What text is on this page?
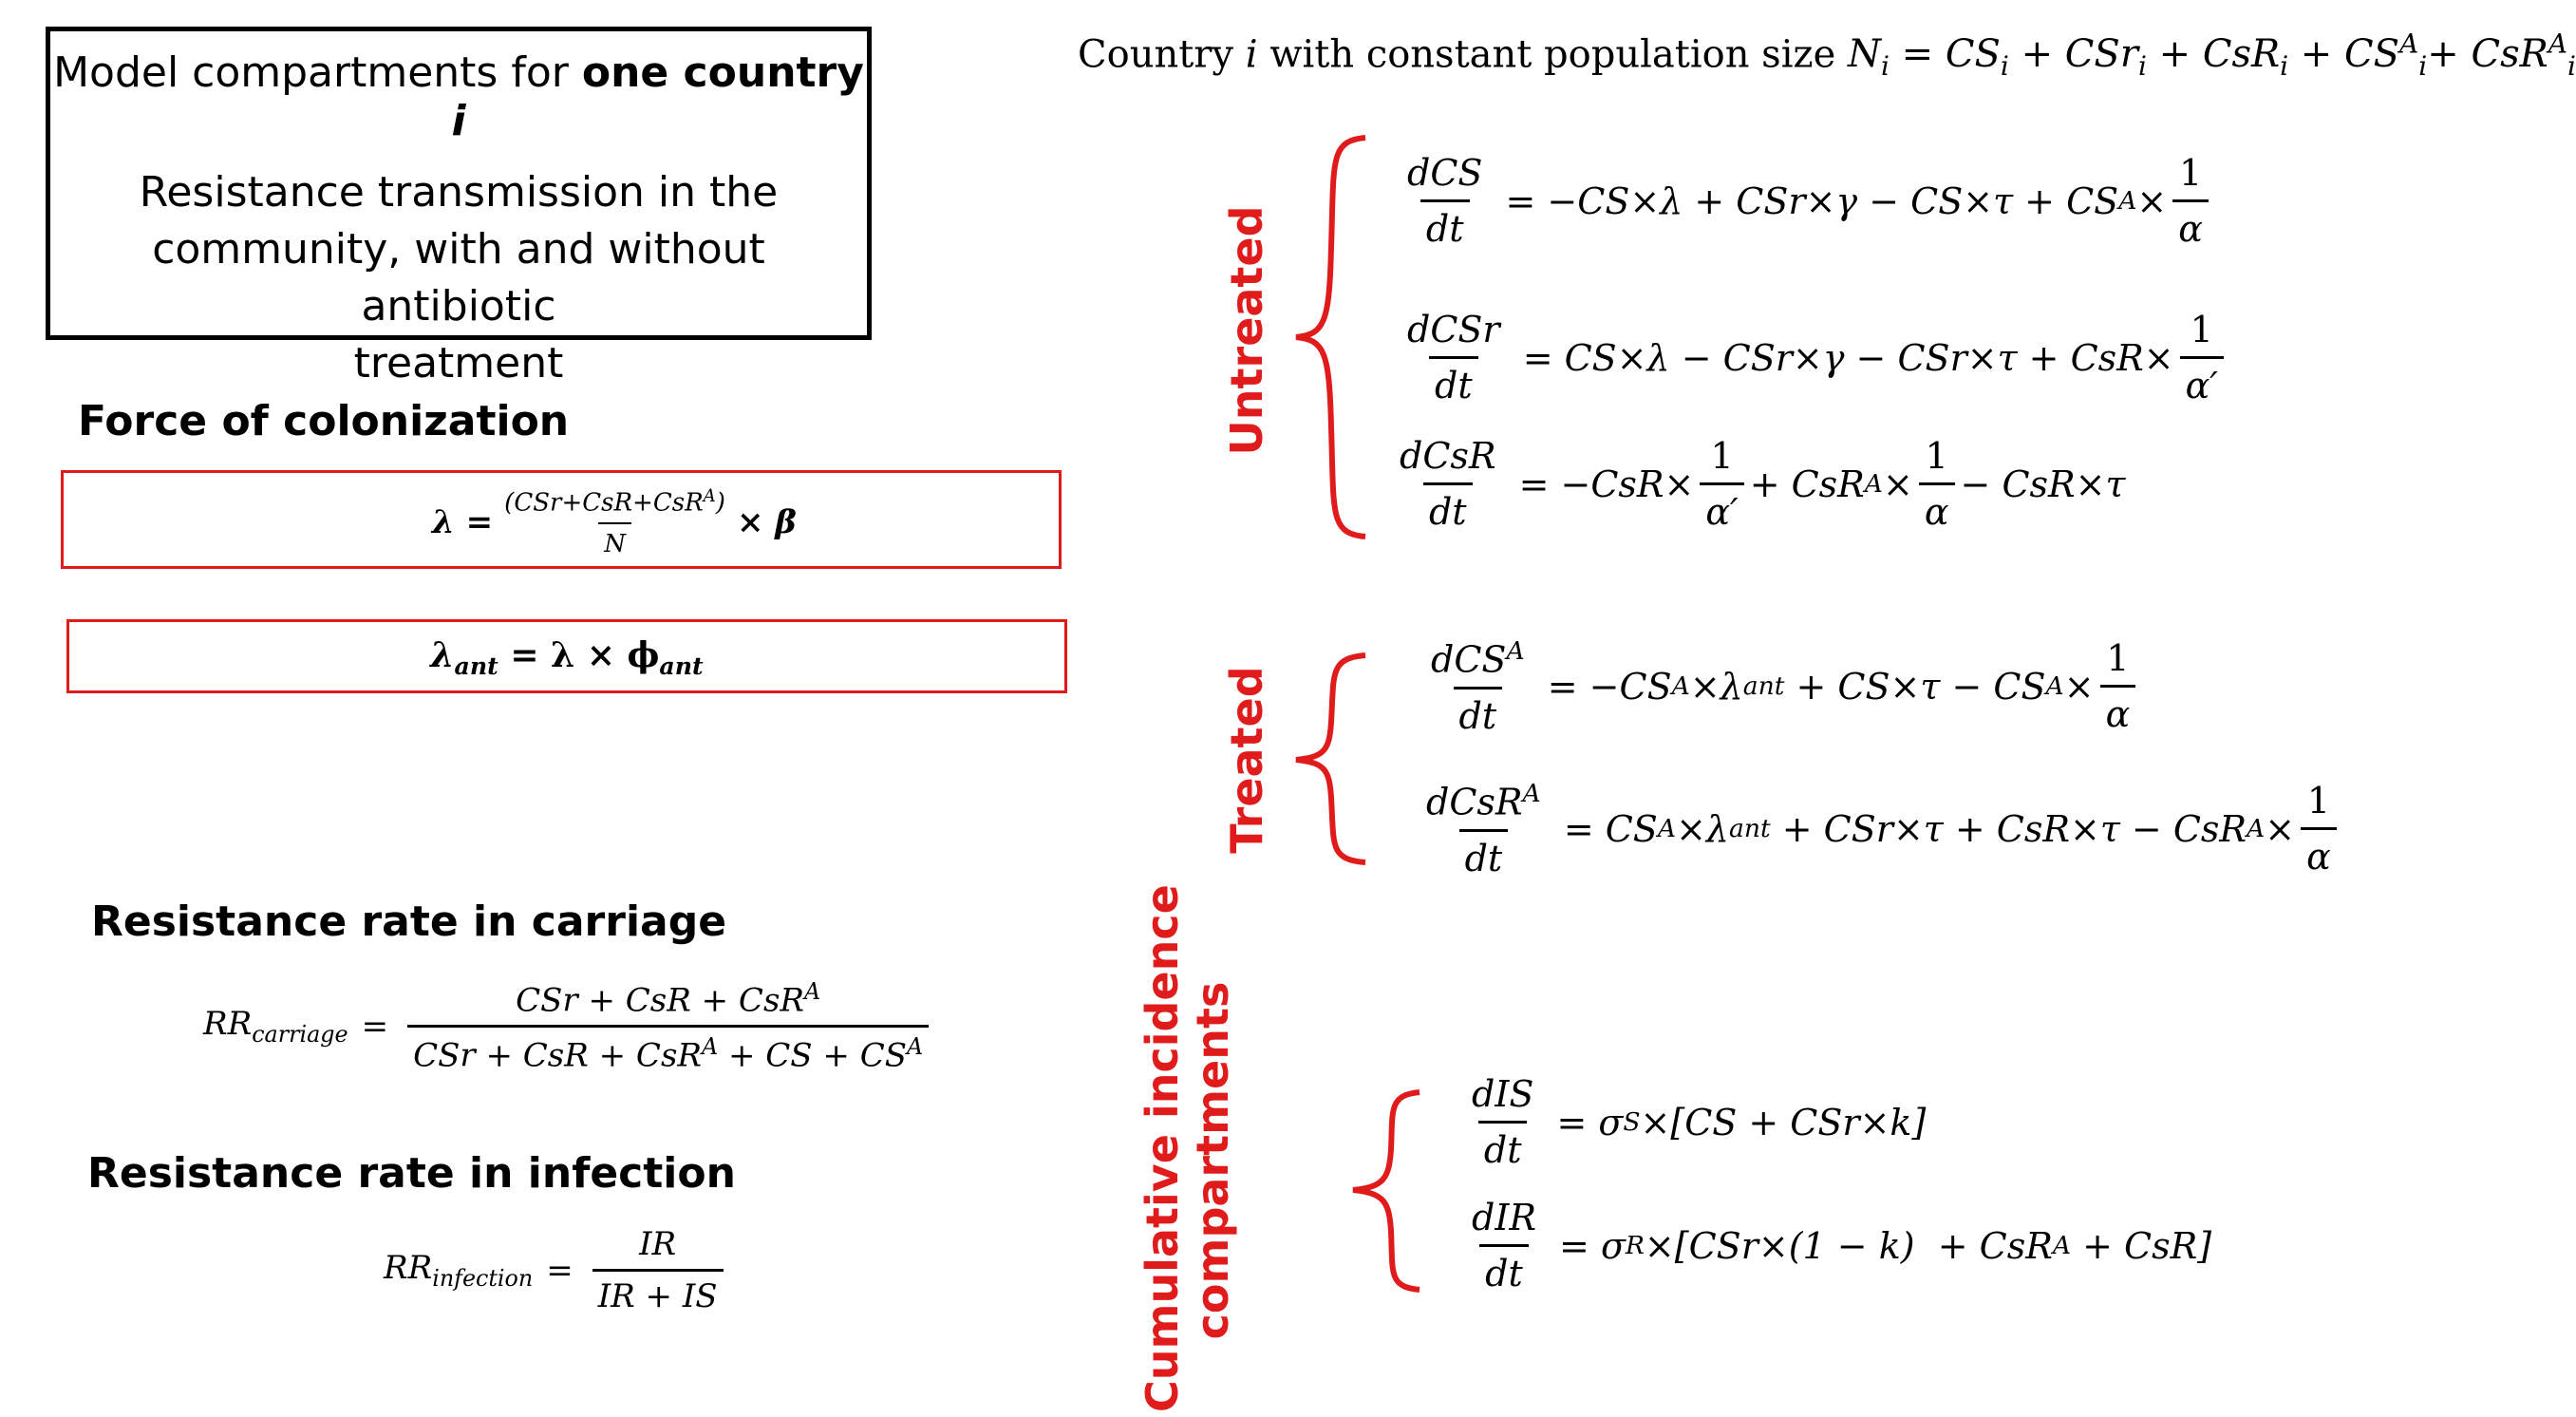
Model compartments for one country i
Resistance transmission in the
community, with and without antibiotic
treatment
Force of colonization
$\lambda = \frac{(CSr+CsR+CsR^A)}{N} \times \beta$
$\lambda_{ant} = \lambda \times \phi_{ant}$
Resistance rate in carriage
$RR_{carriage} = \frac{CSr + CsR + CsR^A}{CSr + CsR + CsR^A + CS + CS^A}$
Resistance rate in infection
$RR_{infection} = \frac{IR}{IR + IS}$
Country i with constant population size $N_i = CS_i + CSr_i + CsR_i + CS^A_i+ CsR^A_i$
Untreated
Treated
Cumulative incidence
compartments
$\frac{\text{dCS}}{dt} = -CS\times\lambda + CSr\times\gamma - CS\times\tau$ + CS $A \times \frac{1}{\alpha}$
$\frac{\text{dCSr}}{dt} = CS\times\lambda - CSr\times\gamma - CSr\times\tau + CsR\times \frac{1}{\alpha'}$
$\frac{\text{dCsR}}{dt} = -CsR\times \frac{1}{\alpha'}$ + CsR $A \times \frac{1}{\alpha} - CsR\times\tau$
$\frac{dCS^A}{dt} = -CS$ A ×λ ant + CS×τ − CS $A \times \frac{1}{\alpha}$
$\frac{dCsR^A}{dt}$ = CS A ×λ ant + CSr×τ + CsR×τ − CsR $A \times \frac{1}{\alpha}$
$\frac{\text{dIS}}{dt} = \sigma$ S ×[CS + CSr×k]
$\frac{\text{dIR}}{dt} = \sigma$ R ×[CSr×(1 − k)  + CsR A + CsR]
